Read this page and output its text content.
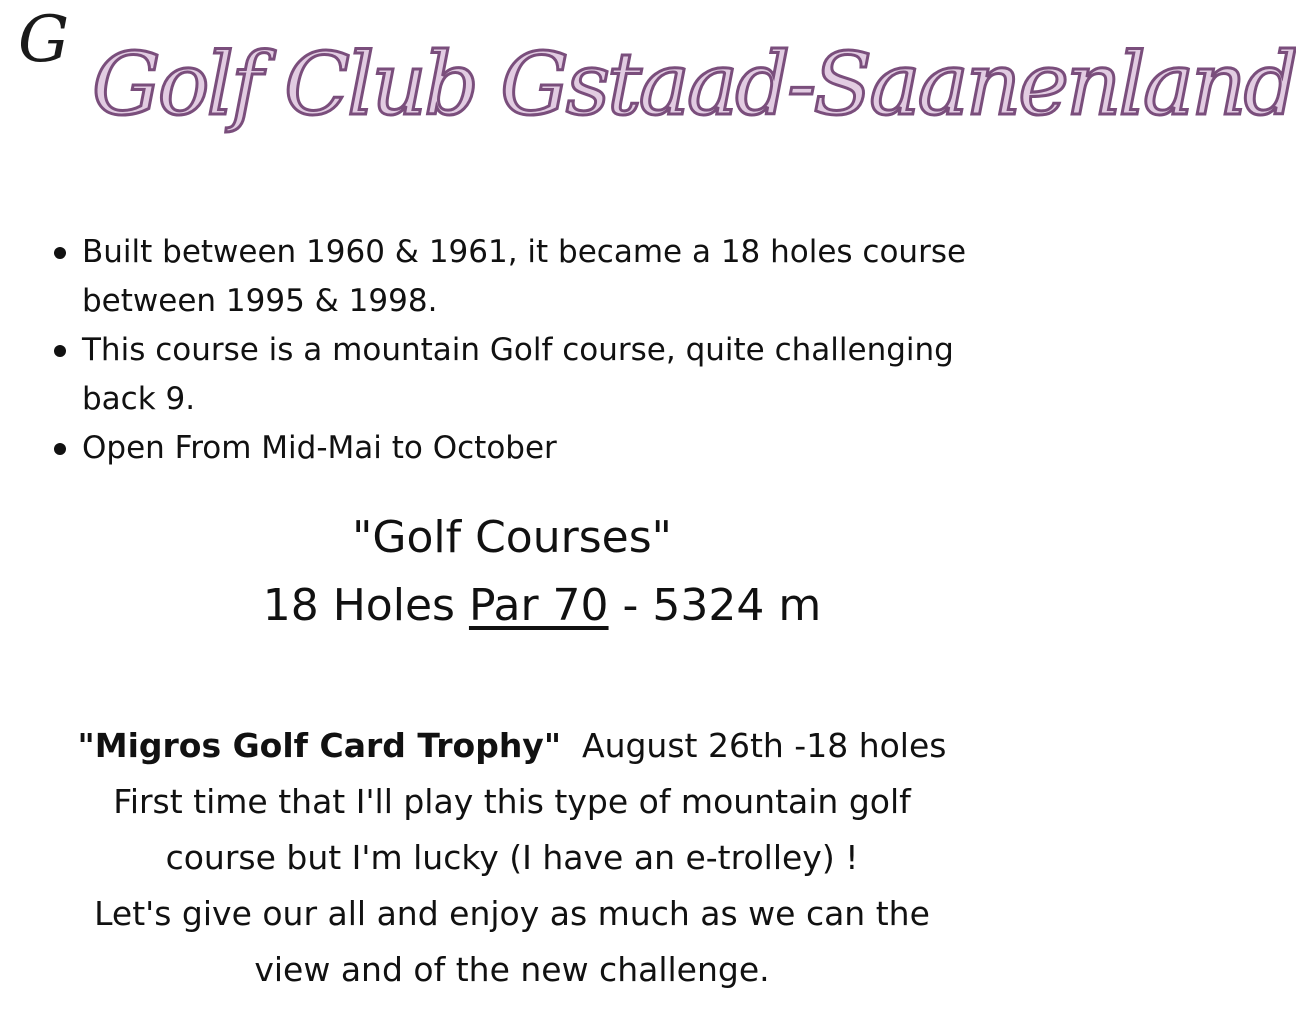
G Golf Club Gstaad-Saanenland
Built between 1960 & 1961, it became a 18 holes course between 1995 & 1998.
This course is a mountain Golf course, quite challenging back 9.
Open From Mid-Mai to October
"Golf Courses"
18 Holes Par 70 - 5324 m
"Migros Golf Card Trophy" August 26th -18 holes
First time that I'll play this type of mountain golf
course but I'm lucky (I have an e-trolley) !
Let's give our all and enjoy as much as we can the
view and of the new challenge.
